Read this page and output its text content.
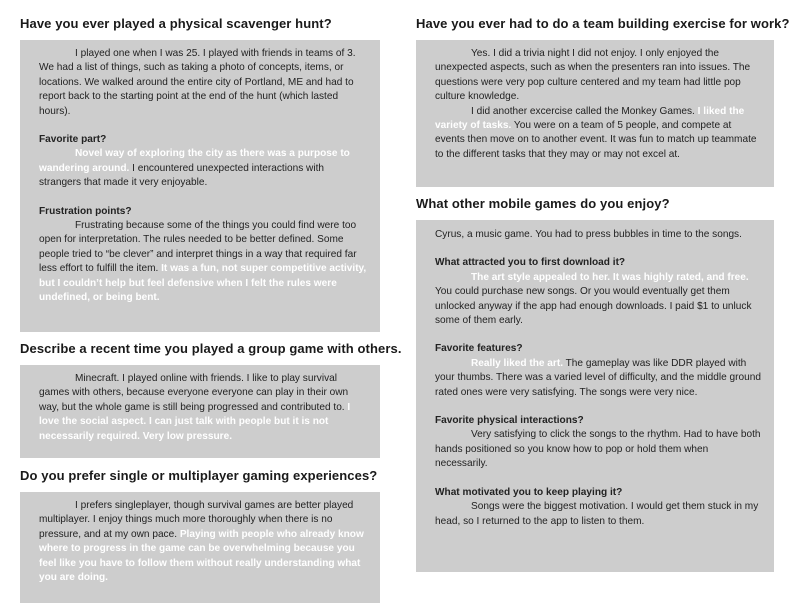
Have you ever played a physical scavenger hunt?

I played one when I was 25. I played with friends in teams of 3. We had a list of things, such as taking a photo of concepts, items, or locations. We walked around the entire city of Portland, ME and had to report back to the starting point at the end of the hunt (which lasted hours).

Favorite part?

Novel way of exploring the city as there was a purpose to wandering around. I encountered unexpected interactions with strangers that made it very enjoyable.

Frustration points?

Frustrating because some of the things you could find were too open for interpretation. The rules needed to be better defined. Some people tried to “be clever” and interpret things in a way that required far less effort to fulfill the item. It was a fun, not super competitive activity, but I couldn’t help but feel defensive when I felt the rules were undefined, or being bent.

Describe a recent time you played a group game with others.

Minecraft. I played online with friends. I like to play survival games with others, because everyone everyone can play in their own way, but the whole game is still being progressed and contributed to. I love the social aspect. I can just talk with people but it is not necessarily required. Very low pressure.

Do you prefer single or multiplayer gaming experiences?

I prefers singleplayer, though survival games are better played multiplayer. I enjoy things much more thoroughly when there is no pressure, and at my own pace. Playing with people who already know where to progress in the game can be overwhelming because you feel like you have to follow them without really understanding what you are doing.

Have you ever had to do a team building exercise for work?

Yes. I did a trivia night I did not enjoy. I only enjoyed the unexpected aspects, such as when the presenters ran into issues. The questions were very pop culture centered and my team had little pop culture knowledge.

I did another excercise called the Monkey Games. I liked the variety of tasks. You were on a team of 5 people, and compete at events then move on to another event. It was fun to match up teammate to the different tasks that they may or may not excel at.

What other mobile games do you enjoy?

Cyrus, a music game. You had to press bubbles in time to the songs.

What attracted you to first download it?

The art style appealed to her. It was highly rated, and free. You could purchase new songs. Or you would eventually get them unlocked anyway if the app had enough downloads. I paid $1 to unluck some of them early.

Favorite features?

Really liked the art. The gameplay was like DDR played with your thumbs. There was a varied level of difficulty, and the middle ground rated ones were very satisfying. The songs were very nice.

Favorite physical interactions?

Very satisfying to click the songs to the rhythm. Had to have both hands positioned so you know how to pop or hold them when necessarily.

What motivated you to keep playing it?

Songs were the biggest motivation. I would get them stuck in my head, so I returned to the app to listen to them.
